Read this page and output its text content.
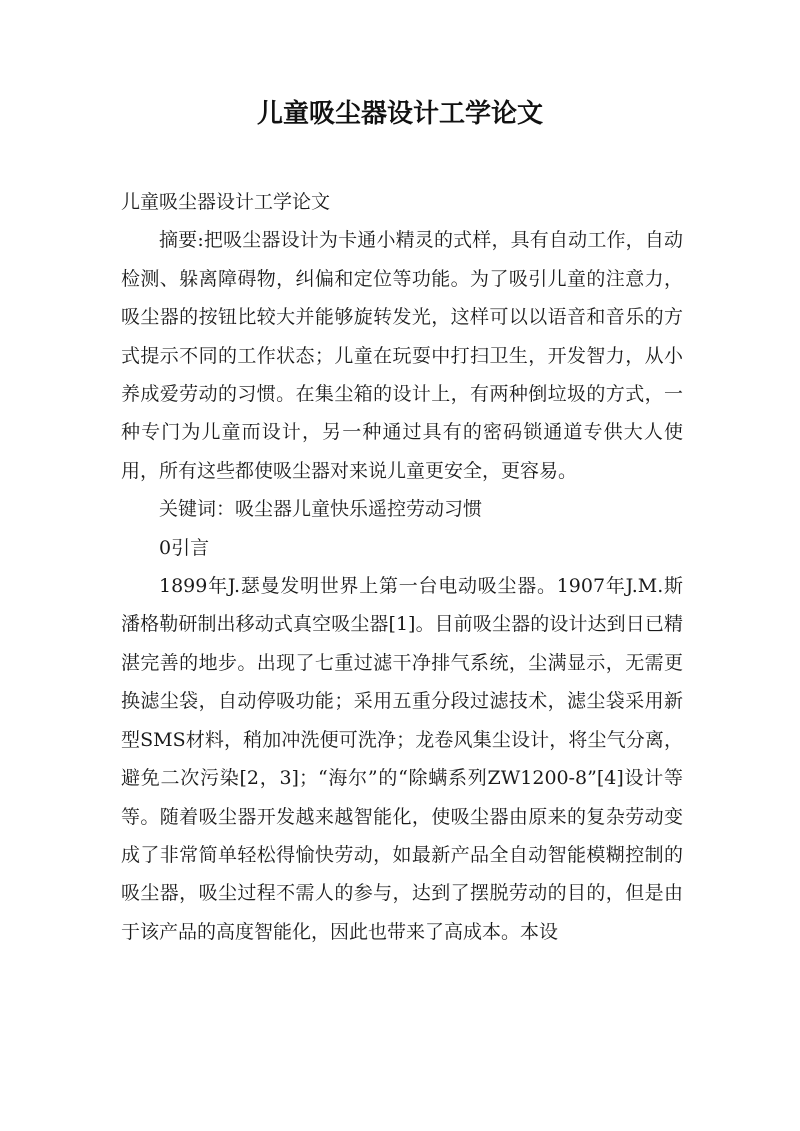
儿童吸尘器设计工学论文

儿童吸尘器设计工学论文

摘要:把吸尘器设计为卡通小精灵的式样，具有自动工作，自动检测、躲离障碍物，纠偏和定位等功能。为了吸引儿童的注意力，吸尘器的按钮比较大并能够旋转发光，这样可以以语音和音乐的方式提示不同的工作状态；儿童在玩耍中打扫卫生，开发智力，从小养成爱劳动的习惯。在集尘箱的设计上，有两种倒垃圾的方式，一种专门为儿童而设计，另一种通过具有的密码锁通道专供大人使用，所有这些都使吸尘器对来说儿童更安全，更容易。

关键词：吸尘器儿童快乐遥控劳动习惯

0引言

1899年J.瑟曼发明世界上第一台电动吸尘器。1907年J.M.斯潘格勒研制出移动式真空吸尘器[1]。目前吸尘器的设计达到日已精湛完善的地步。出现了七重过滤干净排气系统，尘满显示，无需更换滤尘袋，自动停吸功能；采用五重分段过滤技术，滤尘袋采用新型SMS材料，稍加冲洗便可洗净；龙卷风集尘设计，将尘气分离，避免二次污染[2，3]；“海尔”的“除螨系列ZW1200-8”[4]设计等等。随着吸尘器开发越来越智能化，使吸尘器由原来的复杂劳动变成了非常简单轻松得愉快劳动，如最新产品全自动智能模糊控制的吸尘器，吸尘过程不需人的参与，达到了摆脱劳动的目的，但是由于该产品的高度智能化，因此也带来了高成本。本设
